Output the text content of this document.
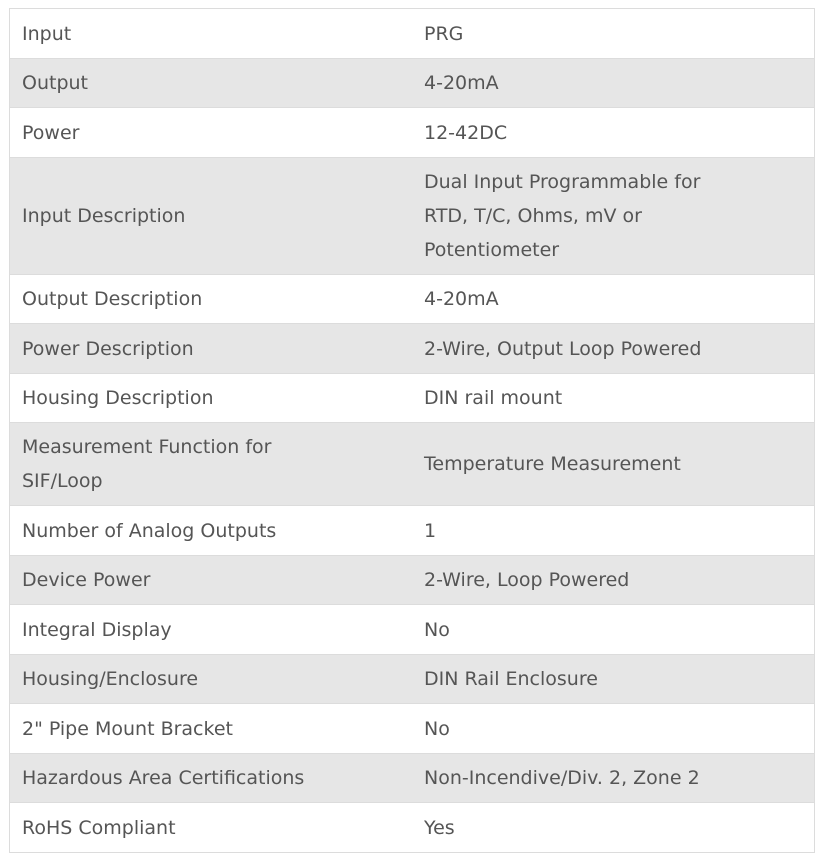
Input	PRG
Output	4-20mA
Power	12-42DC
Input Description	Dual Input Programmable for RTD, T/C, Ohms, mV or Potentiometer
Output Description	4-20mA
Power Description	2-Wire, Output Loop Powered
Housing Description	DIN rail mount
Measurement Function for SIF/Loop	Temperature Measurement
Number of Analog Outputs	1
Device Power	2-Wire, Loop Powered
Integral Display	No
Housing/Enclosure	DIN Rail Enclosure
2" Pipe Mount Bracket	No
Hazardous Area Certifications	Non-Incendive/Div. 2, Zone 2
RoHS Compliant	Yes
